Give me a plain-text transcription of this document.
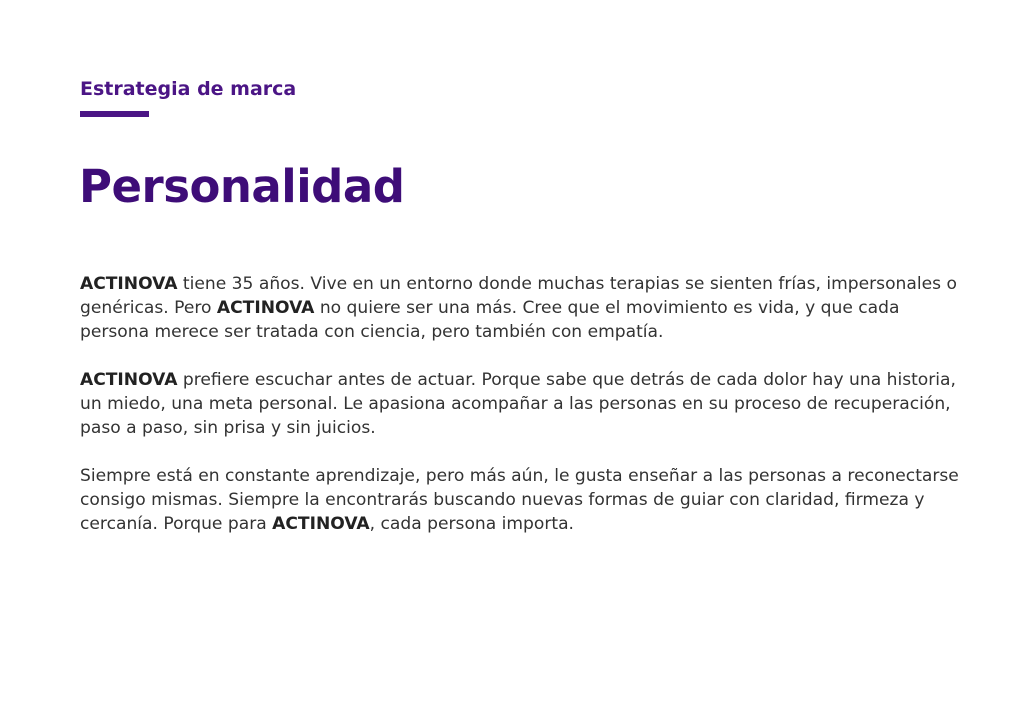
Estrategia de marca
Personalidad

ACTINOVA tiene 35 años. Vive en un entorno donde muchas terapias se sienten frías, impersonales o genéricas. Pero ACTINOVA no quiere ser una más. Cree que el movimiento es vida, y que cada persona merece ser tratada con ciencia, pero también con empatía.

ACTINOVA prefiere escuchar antes de actuar. Porque sabe que detrás de cada dolor hay una historia, un miedo, una meta personal. Le apasiona acompañar a las personas en su proceso de recuperación, paso a paso, sin prisa y sin juicios.

Siempre está en constante aprendizaje, pero más aún, le gusta enseñar a las personas a reconectarse consigo mismas. Siempre la encontrarás buscando nuevas formas de guiar con claridad, firmeza y cercanía. Porque para ACTINOVA, cada persona importa.
